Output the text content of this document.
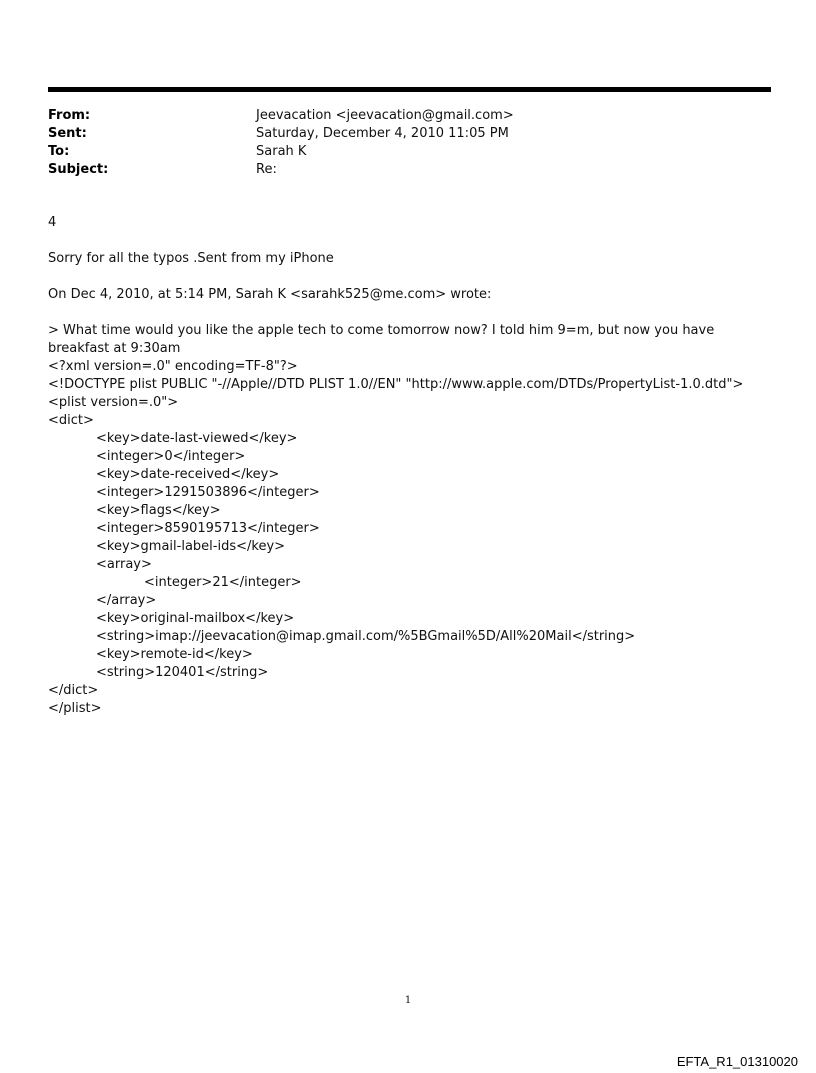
From:	Jeevacation <jeevacation@gmail.com>
Sent:	Saturday, December 4, 2010 11:05 PM
To:	Sarah K
Subject:	Re:
4
Sorry for all the typos .Sent from my iPhone
On Dec 4, 2010, at 5:14 PM, Sarah K <sarahk525@me.com> wrote:
> What time would you like the apple tech to come tomorrow now? I told him 9=m, but now you have breakfast at 9:30am
<?xml version=.0" encoding=TF-8"?>
<!DOCTYPE plist PUBLIC "-//Apple//DTD PLIST 1.0//EN" "http://www.apple.com/DTDs/PropertyList-1.0.dtd">
<plist version=.0">
<dict>
<key>date-last-viewed</key>
<integer>0</integer>
<key>date-received</key>
<integer>1291503896</integer>
<key>flags</key>
<integer>8590195713</integer>
<key>gmail-label-ids</key>
<array>
<integer>21</integer>
</array>
<key>original-mailbox</key>
<string>imap://jeevacation@imap.gmail.com/%5BGmail%5D/All%20Mail</string>
<key>remote-id</key>
<string>120401</string>
</dict>
</plist>
1
EFTA_R1_01310020
